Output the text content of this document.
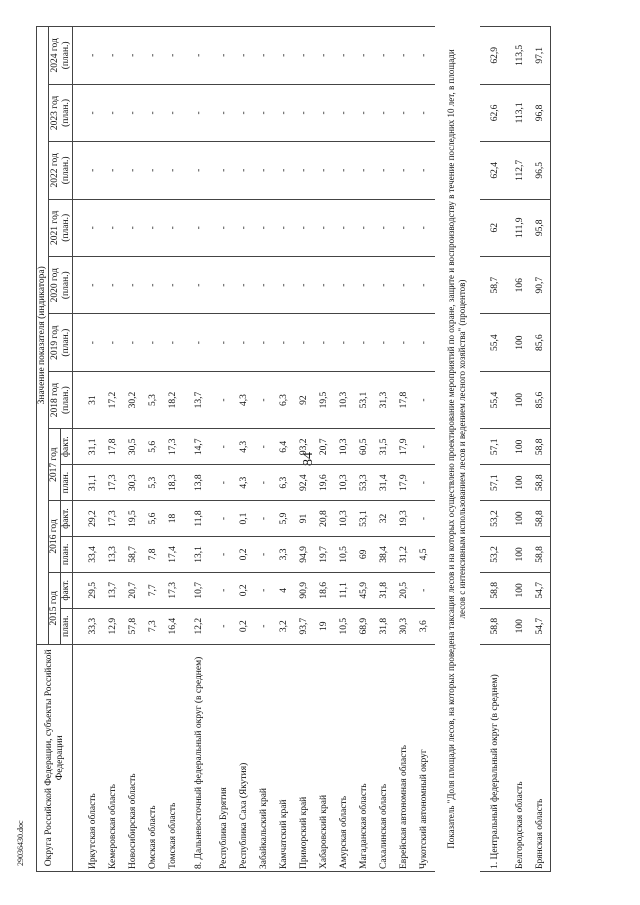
84
29036430.doc Округа Российской Федерации, субъекты Российской Федерации	Значение показателя (индикатора)												
	2015 год		2016 год		2017 год		2018 год (план.)	2019 год (план.)	2020 год (план.)	2021 год (план.)	2022 год (план.)	2023 год (план.)	2024 год (план.)
	план.	факт.	план.	факт.	план.	факт.							

Иркутская область	33,3	29,5	33,4	29,2	31,1	31,1	31	-	-	-	-	-	-
Кемеровская область	12,9	13,7	13,3	17,3	17,3	17,8	17,2	-	-	-	-	-	-
Новосибирская область	57,8	20,7	58,7	19,5	30,3	30,5	30,2	-	-	-	-	-	-
Омская область	7,3	7,7	7,8	5,6	5,3	5,6	5,3	-	-	-	-	-	-
Томская область	16,4	17,3	17,4	18	18,3	17,3	18,2	-	-	-	-	-	-
8. Дальневосточный федеральный округ (в среднем)	12,2	10,7	13,1	11,8	13,8	14,7	13,7	-	-	-	-	-	-
Республика Бурятия	-	-	-	-	-	-	-	-	-	-	-	-	-
Республика Саха (Якутия)	0,2	0,2	0,2	0,1	4,3	4,3	4,3	-	-	-	-	-	-
Забайкальский край	-	-	-	-	-	-	-	-	-	-	-	-	-
Камчатский край	3,2	4	3,3	5,9	6,3	6,4	6,3	-	-	-	-	-	-
Приморский край	93,7	90,9	94,9	91	92,4	93,2	92	-	-	-	-	-	-
Хабаровский край	19	18,6	19,7	20,8	19,6	20,7	19,5	-	-	-	-	-	-
Амурская область	10,5	11,1	10,5	10,3	10,3	10,3	10,3	-	-	-	-	-	-
Магаданская область	68,9	45,9	69	53,1	53,3	60,5	53,1	-	-	-	-	-	-
Сахалинская область	31,8	31,8	38,4	32	31,4	31,5	31,3	-	-	-	-	-	-
Еврейская автономная область	30,3	20,5	31,2	19,3	17,9	17,9	17,8	-	-	-	-	-	-
Чукотский автономный округ	3,6	-	4,5	-	-	-	-	-	-	-	-	-	-
Показатель "Доля площади лесов, на которых проведена таксация лесов и на которых осуществлено проектирование мероприятий по охране, защите и воспроизводству в течение последних 10 лет, в площади лесов с интенсивным использованием лесов и ведением лесного хозяйства" (процентов)													
1. Центральный федеральный округ (в среднем)	58,8	58,8	53,2	53,2	57,1	57,1	55,4	55,4	58,7	62	62,4	62,6	62,9
Белгородская область	100	100	100	100	100	100	100	100	106	111,9	112,7	113,1	113,5
Брянская область	54,7	54,7	58,8	58,8	58,8	58,8	85,6	85,6	90,7	95,8	96,5	96,8	97,1
